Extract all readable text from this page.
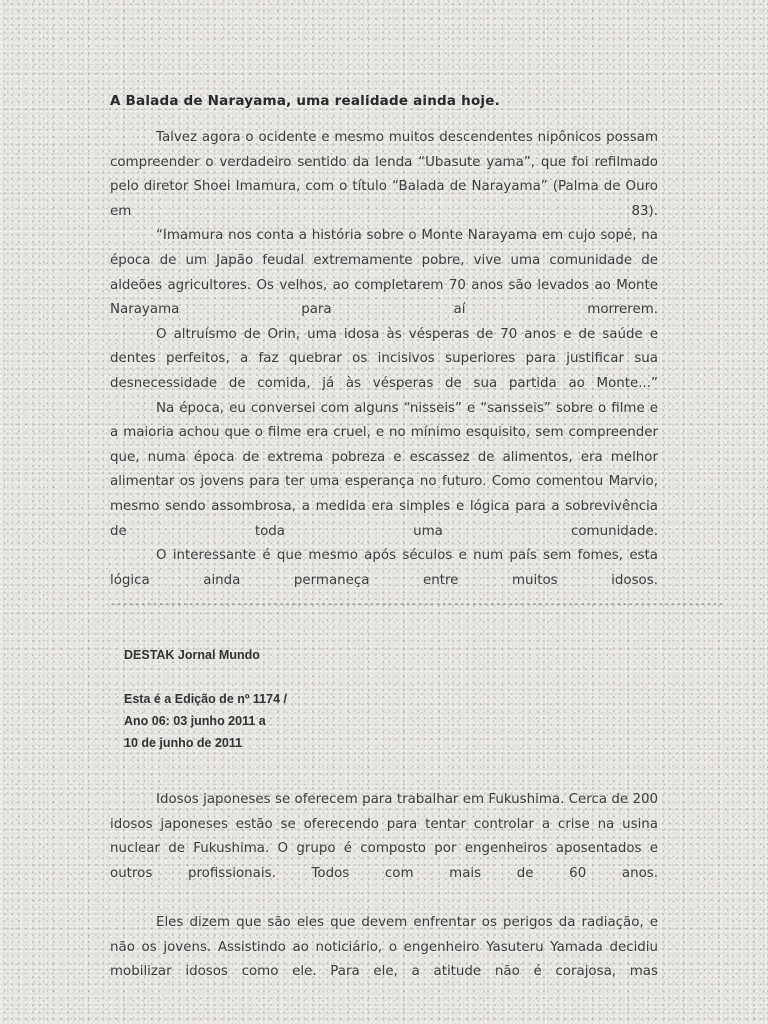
A Balada de Narayama, uma realidade ainda hoje.

Talvez agora o ocidente e mesmo muitos descendentes nipônicos possam compreender o verdadeiro sentido da lenda “Ubasute yama”, que foi refilmado pelo diretor Shoei Imamura, com o título “Balada de Narayama” (Palma de Ouro em 83).

“Imamura nos conta a história sobre o Monte Narayama em cujo sopé, na época de um Japão feudal extremamente pobre, vive uma comunidade de aldeões agricultores. Os velhos, ao completarem 70 anos são levados ao Monte Narayama para aí morrerem.

O altruísmo de Orin, uma idosa às vésperas de 70 anos e de saúde e dentes perfeitos, a faz quebrar os incisivos superiores para justificar sua desnecessidade de comida, já às vésperas de sua partida ao Monte...”

Na época, eu conversei com alguns “nisseis” e “sansseis” sobre o filme e a maioria achou que o filme era cruel, e no mínimo esquisito, sem compreender que, numa época de extrema pobreza e escassez de alimentos, era melhor alimentar os jovens para ter uma esperança no futuro. Como comentou Marvio, mesmo sendo assombrosa, a medida era simples e lógica para a sobrevivência de toda uma comunidade.

O interessante é que mesmo após séculos e num país sem fomes, esta lógica ainda permaneça entre muitos idosos.

------------------------------------------------------------------------------------------------------
DESTAK Jornal Mundo
Esta é a Edição de nº 1174 /
Ano 06: 03 junho 2011 a
10 de junho de 2011

Idosos japoneses se oferecem para trabalhar em Fukushima. Cerca de 200 idosos japoneses estão se oferecendo para tentar controlar a crise na usina nuclear de Fukushima. O grupo é composto por engenheiros aposentados e outros profissionais. Todos com mais de 60 anos.

Eles dizem que são eles que devem enfrentar os perigos da radiação, e não os jovens. Assistindo ao noticiário, o engenheiro Yasuteru Yamada decidiu mobilizar idosos como ele. Para ele, a atitude não é corajosa, mas
